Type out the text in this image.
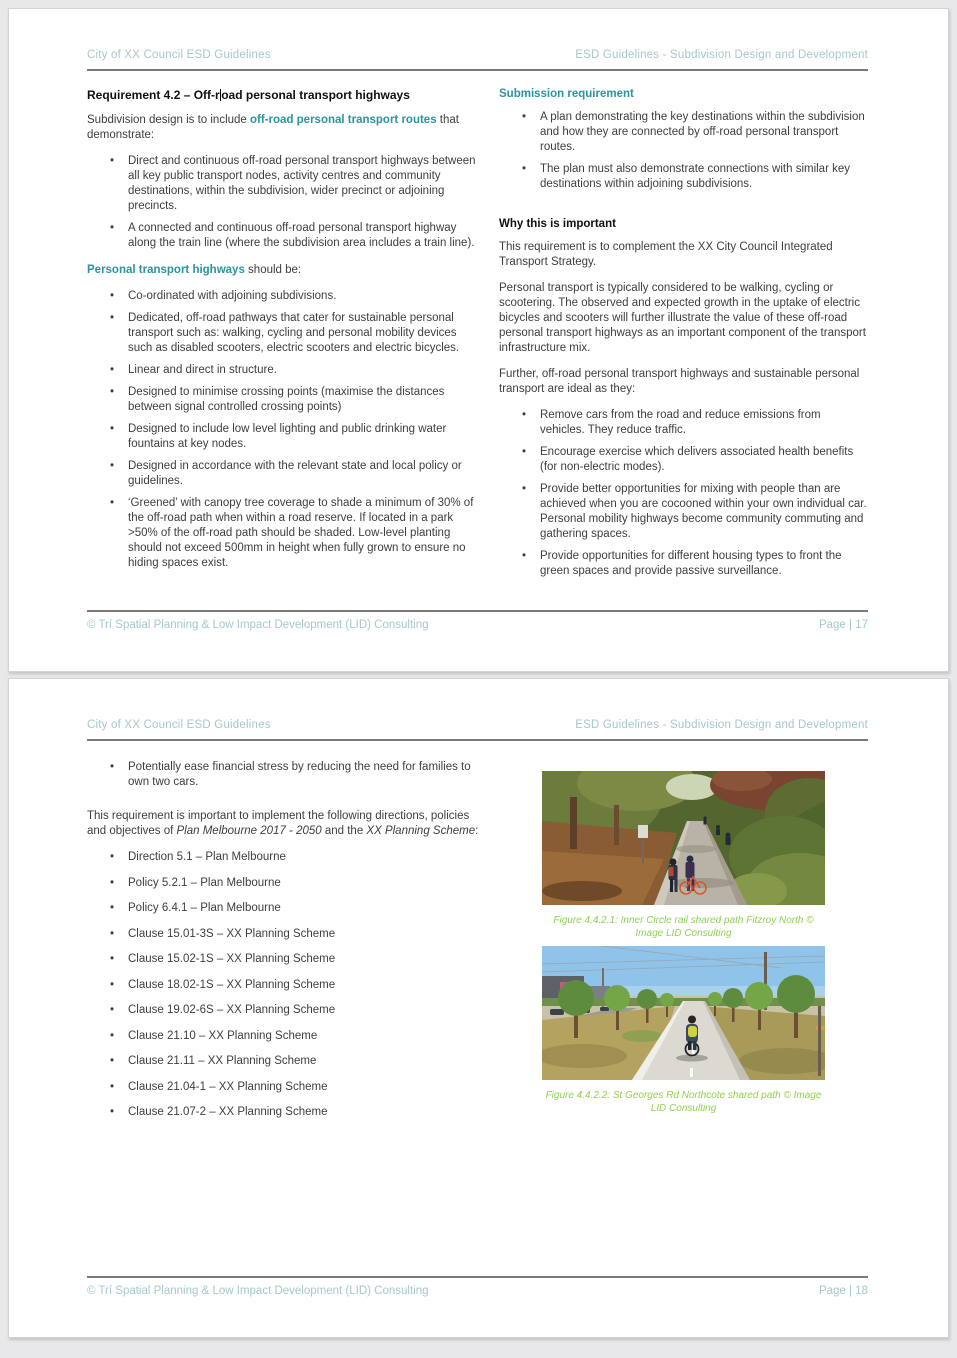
City of XX Council ESD Guidelines	ESD Guidelines - Subdivision Design and Development
Requirement 4.2 – Off-r oad personal transport highways

Subdivision design is to include off-road personal transport routes that demonstrate:

• Direct and continuous off-road personal transport highways between all key public transport nodes, activity centres and community destinations, within the subdivision, wider precinct or adjoining precincts.
• A connected and continuous off-road personal transport highway along the train line (where the subdivision area includes a train line).

Personal transport highways should be:

• Co-ordinated with adjoining subdivisions.
• Dedicated, off-road pathways that cater for sustainable personal transport such as: walking, cycling and personal mobility devices such as disabled scooters, electric scooters and electric bicycles.
• Linear and direct in structure.
• Designed to minimise crossing points (maximise the distances between signal controlled crossing points)
• Designed to include low level lighting and public drinking water fountains at key nodes.
• Designed in accordance with the relevant state and local policy or guidelines.
• ‘Greened’ with canopy tree coverage to shade a minimum of 30% of the off-road path when within a road reserve. If located in a park >50% of the off-road path should be shaded. Low-level planting should not exceed 500mm in height when fully grown to ensure no hiding spaces exist.
Submission requirement
• A plan demonstrating the key destinations within the subdivision and how they are connected by off-road personal transport routes.
• The plan must also demonstrate connections with similar key destinations within adjoining subdivisions.
Why this is important

This requirement is to complement the XX City Council Integrated Transport Strategy.

Personal transport is typically considered to be walking, cycling or scootering. The observed and expected growth in the uptake of electric bicycles and scooters will further illustrate the value of these off-road personal transport highways as an important component of the transport infrastructure mix.

Further, off-road personal transport highways and sustainable personal transport are ideal as they:

• Remove cars from the road and reduce emissions from vehicles. They reduce traffic.
• Encourage exercise which delivers associated health benefits (for non-electric modes).
• Provide better opportunities for mixing with people than are achieved when you are cocooned within your own individual car. Personal mobility highways become community commuting and gathering spaces.
• Provide opportunities for different housing types to front the green spaces and provide passive surveillance.
© Trí Spatial Planning & Low Impact Development (LID) Consulting	Page | 17
City of XX Council ESD Guidelines	ESD Guidelines - Subdivision Design and Development
• Potentially ease financial stress by reducing the need for families to own two cars.

This requirement is important to implement the following directions, policies and objectives of Plan Melbourne 2017 - 2050 and the XX Planning Scheme:

• Direction 5.1 – Plan Melbourne
• Policy 5.2.1 – Plan Melbourne
• Policy 6.4.1 – Plan Melbourne
• Clause 15.01-3S – XX Planning Scheme
• Clause 15.02-1S – XX Planning Scheme
• Clause 18.02-1S – XX Planning Scheme
• Clause 19.02-6S – XX Planning Scheme
• Clause 21.10 – XX Planning Scheme
• Clause 21.11 – XX Planning Scheme
• Clause 21.04-1 – XX Planning Scheme
• Clause 21.07-2 – XX Planning Scheme
Figure 4.4.2.1: Inner Circle rail shared path Fitzroy North © Image LID Consulting
Figure 4.4.2.2: St Georges Rd Northcote shared path © Image LID Consulting
© Trí Spatial Planning & Low Impact Development (LID) Consulting	Page | 18
